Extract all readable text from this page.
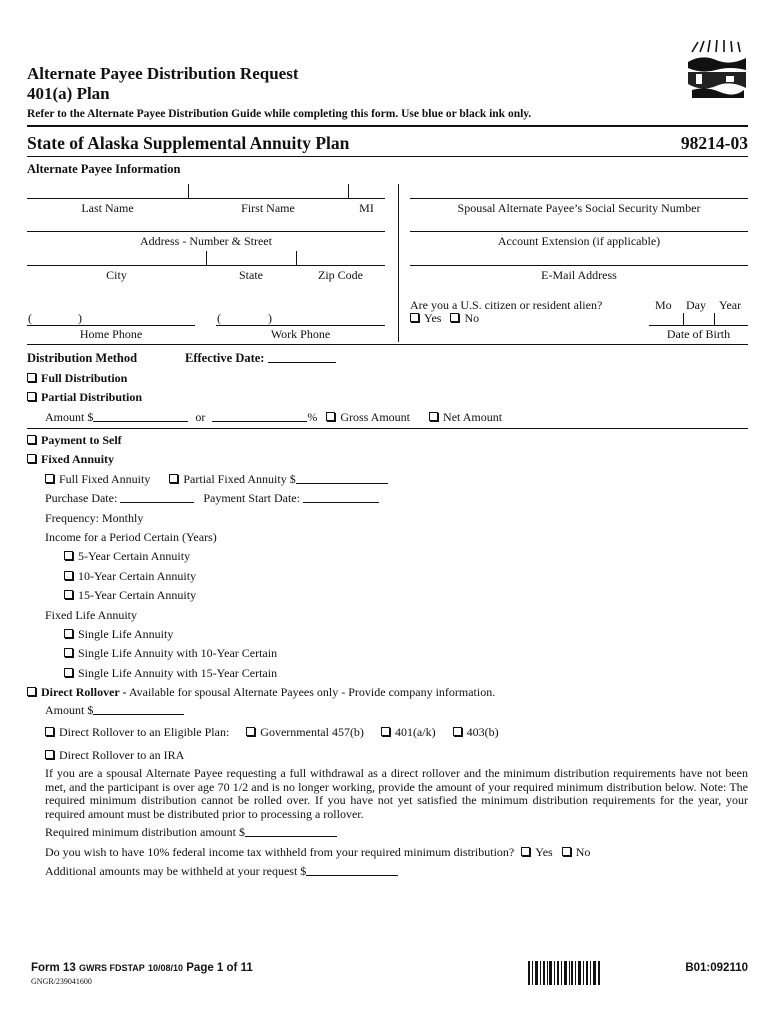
Alternate Payee Distribution Request
401(a) Plan
Refer to the Alternate Payee Distribution Guide while completing this form. Use blue or black ink only.
State of Alaska Supplemental Annuity Plan	98214-03
Alternate Payee Information
Last Name	First Name	MI	Spousal Alternate Payee’s Social Security Number
Address - Number & Street	Account Extension (if applicable)
City	State	Zip Code	E-Mail Address
(	)
Home Phone
(	)
Work Phone
Are you a U.S. citizen or resident alien?
Yes No
Mo Day Year
Date of Birth
Distribution Method	Effective Date:
Full Distribution
Partial Distribution
Amount $	or	% Gross Amount	Net Amount
Payment to Self
Fixed Annuity
Full Fixed Annuity	Partial Fixed Annuity $
Purchase Date:	Payment Start Date:
Frequency: Monthly
Income for a Period Certain (Years)
5-Year Certain Annuity
10-Year Certain Annuity
15-Year Certain Annuity
Fixed Life Annuity
Single Life Annuity
Single Life Annuity with 10-Year Certain
Single Life Annuity with 15-Year Certain
Direct Rollover - Available for spousal Alternate Payees only - Provide company information.
Amount $
Direct Rollover to an Eligible Plan:	Governmental 457(b)	401(a/k)	403(b)
Direct Rollover to an IRA
If you are a spousal Alternate Payee requesting a full withdrawal as a direct rollover and the minimum distribution requirements have not been met, and the participant is over age 70 1/2 and is no longer working, provide the amount of your required minimum distribution below. Note: The required minimum distribution cannot be rolled over. If you have not yet satisfied the minimum distribution requirements for the year, your required amount must be distributed prior to processing a rollover.
Required minimum distribution amount $
Do you wish to have 10% federal income tax withheld from your required minimum distribution? Yes No
Additional amounts may be withheld at your request $
Form 13 GWRS FDSTAP 10/08/10 Page 1 of 11
GNGR/239041600
B01:092110
